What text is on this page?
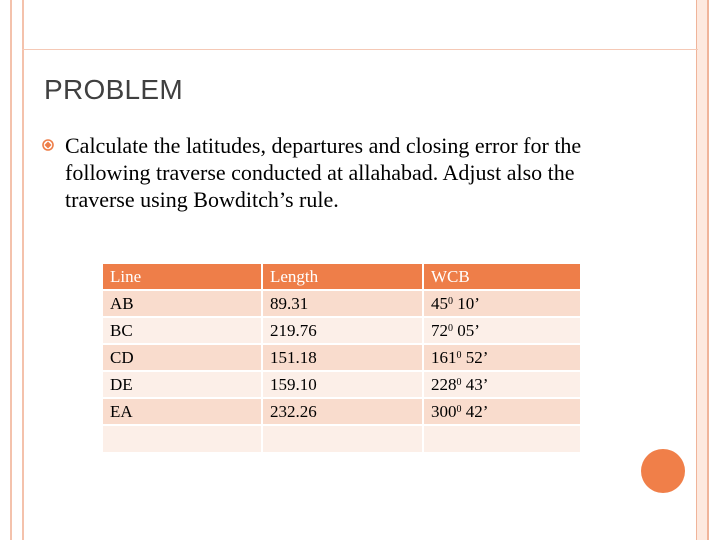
PROBLEM
Calculate the latitudes, departures and closing error for the following traverse conducted at allahabad. Adjust also the traverse using Bowditch’s rule.
Line	Length	WCB
AB	89.31	$45^0$ 10’
BC	219.76	$72^0$ 05’
CD	151.18	$161^0$ 52’
DE	159.10	$228^0$ 43’
EA	232.26	$300^0$ 42’
